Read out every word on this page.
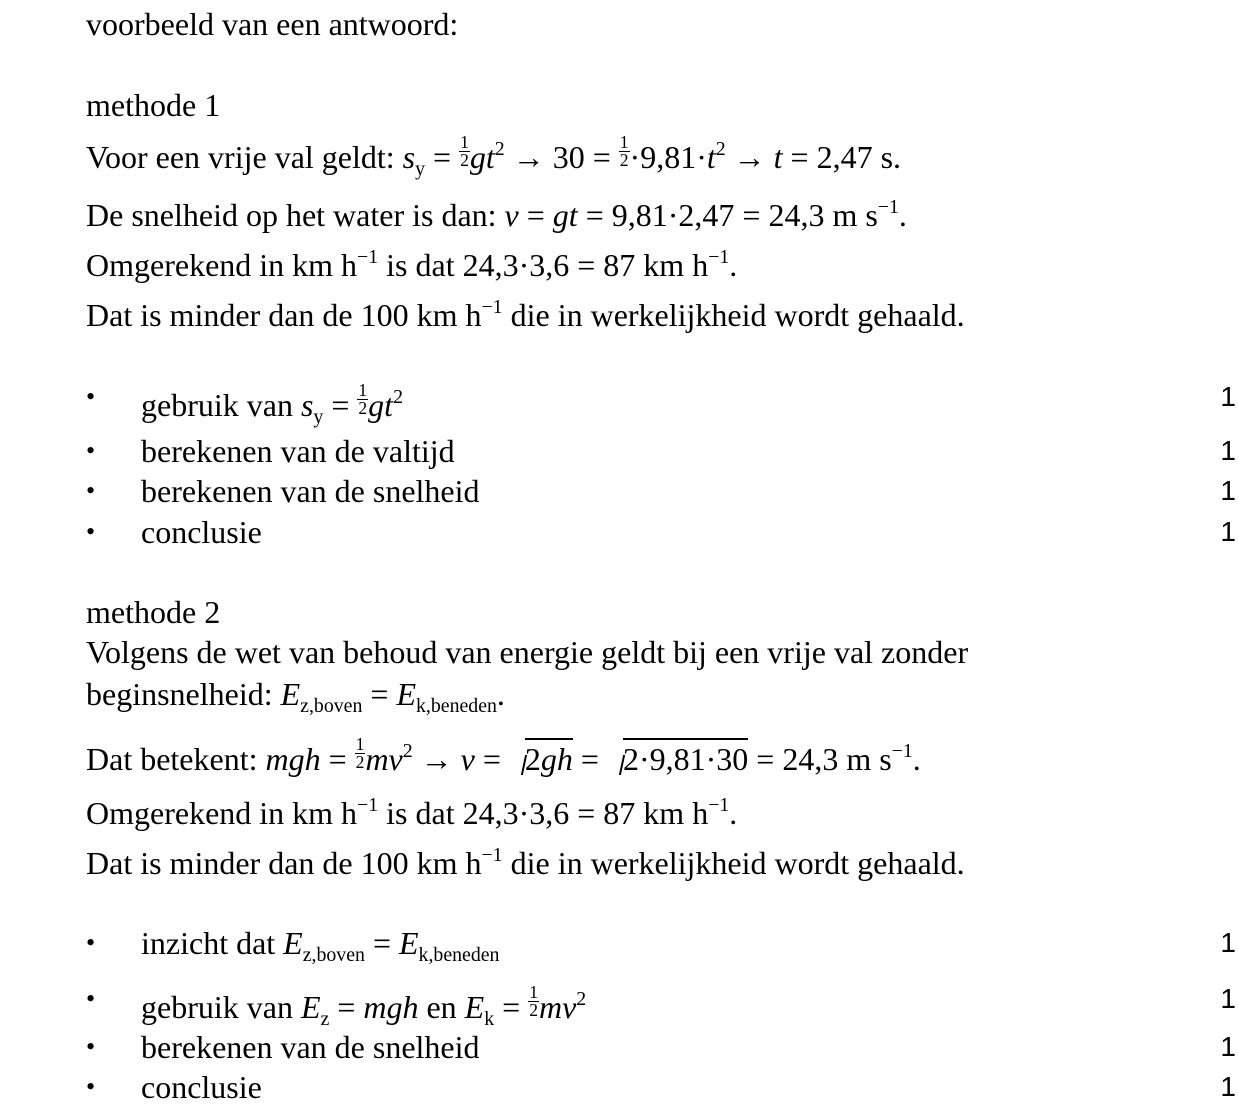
voorbeeld van een antwoord:
methode 1
Voor een vrije val geldt: $s_y = \frac{1}{2} gt^2 \to 30 = \frac{1}{2} \cdot 9,81\cdot t^2 \to t = 2,47$ s.
De snelheid op het water is dan: v = gt = 9,81·2,47 = 24,3 m $s^{-1}$.
Omgerekend in km $h^{-1}$ is dat 24,3·3,6 = 87 km $h^{-1}$.
Dat is minder dan de 100 km $h^{-1}$ die in werkelijkheid wordt gehaald.
• gebruik van $s_y = \frac{1}{2} gt^2$	1
• berekenen van de valtijd	1
• berekenen van de snelheid	1
• conclusie	1
methode 2
Volgens de wet van behoud van energie geldt bij een vrije val zonder
beginsnelheid: $E_{z,boven} = E_{k,beneden}$.
Dat betekent: mgh = $\frac{1}{2} mv^2 \to v = 2gh = 2\cdot 9,81\cdot 30 = 24,3$ m $s^{-1}$.
Omgerekend in km $h^{-1}$ is dat 24,3·3,6 = 87 km $h^{-1}$.
Dat is minder dan de 100 km $h^{-1}$ die in werkelijkheid wordt gehaald.
• inzicht dat $E_{z,boven} = E_{k,beneden}$	1
• gebruik van $E_z$ = mgh en $E_k = \frac{1}{2} mv^2$	1
• berekenen van de snelheid	1
• conclusie	1
